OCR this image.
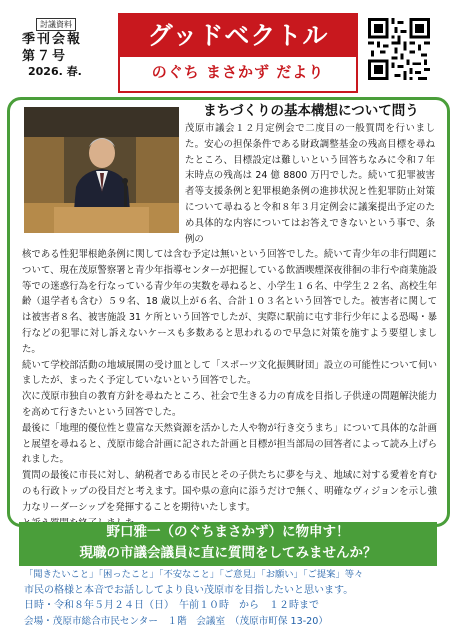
討議資料
季刊会報
第７号
2026. 春.
グッドベクトル
のぐち まさかず だより
まちづくりの基本構想について問う
茂原市議会１２月定例会で二度目の一般質問を行いました。安心の担保条件である財政調整基金の残高目標を尋ねたところ、目標設定は難しいという回答ちなみに令和７年末時点の残高は 24 億 8800 万円でした。続いて犯罪被害者等支援条例と犯罪根絶条例の進捗状況と性犯罪防止対策について尋ねると令和８年３月定例会に議案提出予定のため具体的な内容についてはお答えできないという事で、条例の

核である性犯罪根絶条例に関しては含む予定は無いという回答でした。続いて青少年の非行問題について、現在茂原警察署と青少年指導センターが把握している飲酒喫煙深夜徘徊の非行や商業施設等での迷惑行為を行なっている青少年の実数を尋ねると、小学生１６名、中学生２２名、高校生年齢（退学者も含む）５９名、18 歳以上が６名、合計１０３名という回答でした。被害者に関しては被害者８名、被害施設 31 ケ所という回答でしたが、実際に駅前に屯す非行少年による恐喝・暴行などの犯罪に対し訴えないケースも多数あると思われるので早急に対策を施すよう要望しました。

続いて学校部活動の地域展開の受け皿として「スポーツ文化振興財団」設立の可能性について伺いましたが、まったく予定していないという回答でした。

次に茂原市独自の教育方針を尋ねたところ、社会で生きる力の育成を目指し子供達の問題解決能力を高めて行きたいという回答でした。

最後に「地理的優位性と豊富な天然資源を活かした人や物が行き交うまち」について具体的な計画と展望を尋ねると、茂原市総合計画に記された計画と目標が担当部局の回答者によって読み上げられました。

質問の最後に市長に対し、納税者である市民とその子供たちに夢を与え、地域に対する愛着を育むのも行政トップの役目だと考えます。国や県の意向に添うだけで無く、明確なヴィジョンを示し強力なリーダーシップを発揮することを期待いたします。

野口雅一（のぐちまさかず）に物申す！
現職の市議会議員に直に質問をしてみませんか？
「聞きたいこと」「困ったこと」「不安なこと」「ご意見」「お願い」「ご提案」等々
市民の格様と本音でお話ししてより良い茂原市を目指したいと思います。
日時・令和８年５月２４日（日）　午前１０時　から　１２時まで
会場・茂原市総合市民センター　１階　会議室　（茂原市町保 13-20）
